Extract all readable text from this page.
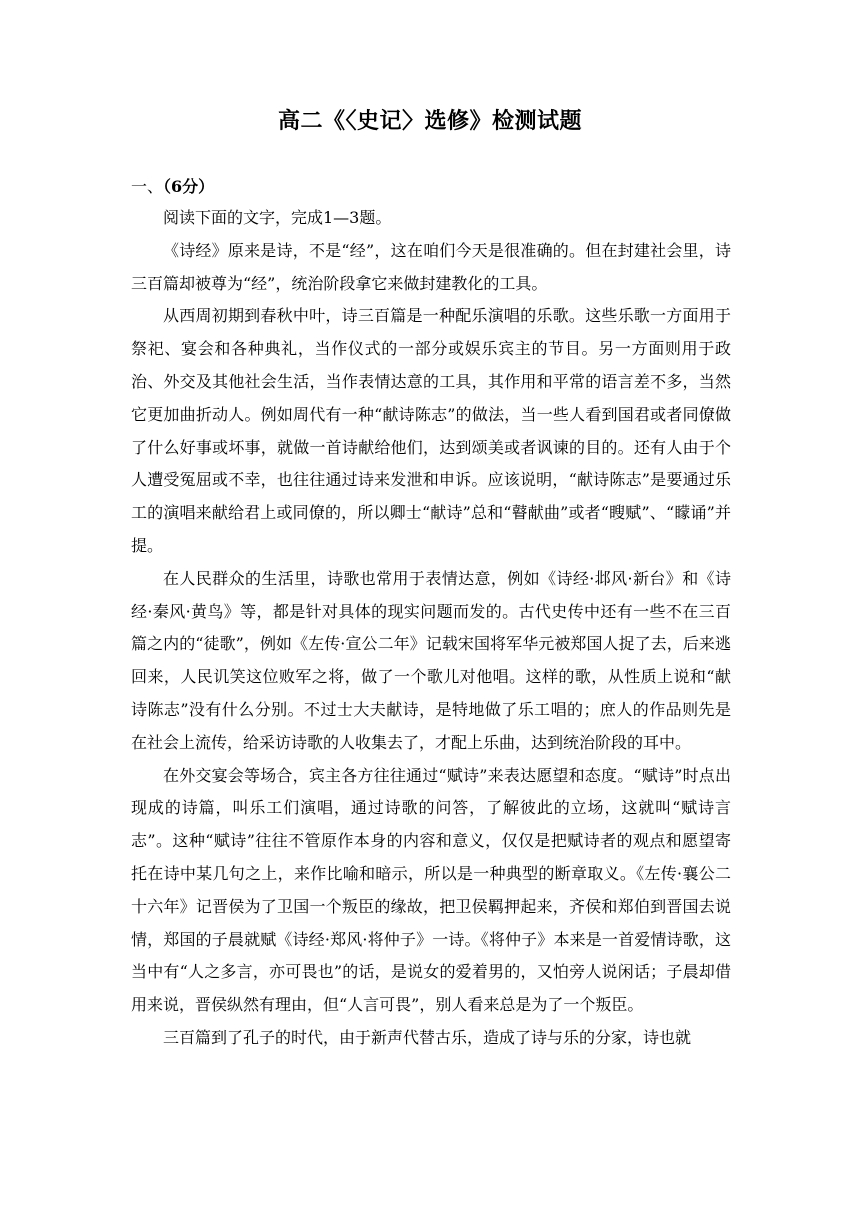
高二《〈史记〉选修》检测试题
一、（6分）

阅读下面的文字，完成1—3题。

《诗经》原来是诗，不是“经”，这在咱们今天是很准确的。但在封建社会里，诗三百篇却被尊为“经”，统治阶段拿它来做封建教化的工具。

从西周初期到春秋中叶，诗三百篇是一种配乐演唱的乐歌。这些乐歌一方面用于祭祀、宴会和各种典礼，当作仪式的一部分或娱乐宾主的节目。另一方面则用于政治、外交及其他社会生活，当作表情达意的工具，其作用和平常的语言差不多，当然它更加曲折动人。例如周代有一种“献诗陈志”的做法，当一些人看到国君或者同僚做了什么好事或坏事，就做一首诗献给他们，达到颂美或者讽谏的目的。还有人由于个人遭受冤屈或不幸，也往往通过诗来发泄和申诉。应该说明，“献诗陈志”是要通过乐工的演唱来献给君上或同僚的，所以卿士“献诗”总和“瞽献曲”或者“瞍赋”、“矇诵”并提。

在人民群众的生活里，诗歌也常用于表情达意，例如《诗经·邶风·新台》和《诗经·秦风·黄鸟》等，都是针对具体的现实问题而发的。古代史传中还有一些不在三百篇之内的“徒歌”，例如《左传·宣公二年》记载宋国将军华元被郑国人捉了去，后来逃回来，人民讥笑这位败军之将，做了一个歌儿对他唱。这样的歌，从性质上说和“献诗陈志”没有什么分别。不过士大夫献诗，是特地做了乐工唱的；庶人的作品则先是在社会上流传，给采访诗歌的人收集去了，才配上乐曲，达到统治阶段的耳中。

在外交宴会等场合，宾主各方往往通过“赋诗”来表达愿望和态度。“赋诗”时点出现成的诗篇，叫乐工们演唱，通过诗歌的问答，了解彼此的立场，这就叫“赋诗言志”。这种“赋诗”往往不管原作本身的内容和意义，仅仅是把赋诗者的观点和愿望寄托在诗中某几句之上，来作比喻和暗示，所以是一种典型的断章取义。《左传·襄公二十六年》记晋侯为了卫国一个叛臣的缘故，把卫侯羁押起来，齐侯和郑伯到晋国去说情，郑国的子晨就赋《诗经·郑风·将仲子》一诗。《将仲子》本来是一首爱情诗歌，这当中有“人之多言，亦可畏也”的话，是说女的爱着男的，又怕旁人说闲话；子晨却借用来说，晋侯纵然有理由，但“人言可畏”，别人看来总是为了一个叛臣。

三百篇到了孔子的时代，由于新声代替古乐，造成了诗与乐的分家，诗也就
